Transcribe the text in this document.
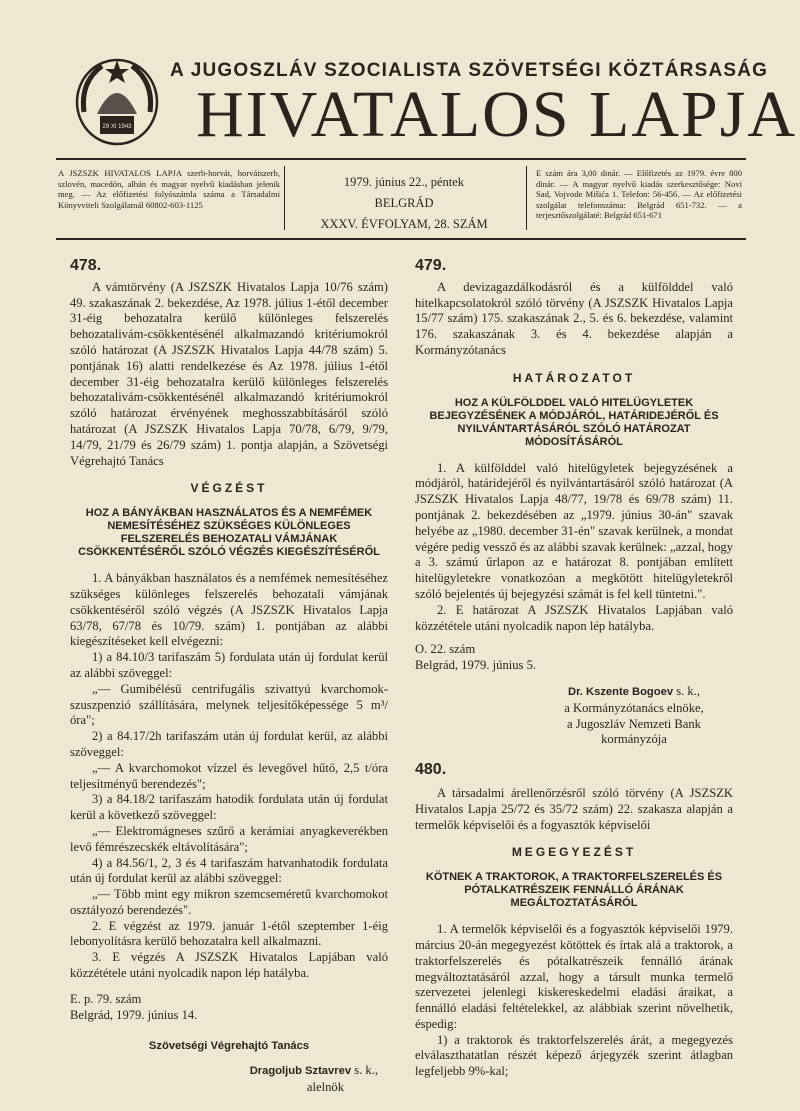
29 XI 1943
A JUGOSZLÁV SZOCIALISTA SZÖVETSÉGI KÖZTÁRSASÁG
HIVATALOS LAPJA
A JSZSZK HIVATALOS LAPJA szerb-horvát, horvátszerb, szlovén, macedón, albán és magyar nyelvű kiadásban jelenik meg. — Az előfizetési folyószámla száma a Társadalmi Könyvviteli Szolgálatnál 60802-603-1125
1979. június 22., péntek
BELGRÁD
XXXV. ÉVFOLYAM, 28. SZÁM
E szám ára 3,00 dinár. — Előfizetés az 1979. évre 800 dinár. — A magyar nyelvű kiadás szerkesztősége: Novi Sad, Vojvode Mišića 1. Telefon: 56-456. — Az előfizetési szolgálat telefonszáma: Belgrád 651-732. — a terjesztőszolgálaté: Belgrád 651-671
478.

A vámtörvény (A JSZSZK Hivatalos Lapja 10/76 szám) 49. szakaszának 2. bekezdése, Az 1978. július 1-étől december 31-éig behozatalra kerülő különleges felszerelés behozatalivám-csökkentésénél alkalmazandó kritériumokról szóló határozat (A JSZSZK Hivatalos Lapja 44/78 szám) 5. pontjának 16) alatti rendelkezése és Az 1978. július 1-étől december 31-éig behozatalra kerülő különleges felszerelés behozatalivám-csökkentésénél alkalmazandó kritériumokról szóló határozat érvényének meghosszabbításáról szóló határozat (A JSZSZK Hivatalos Lapja 70/78, 6/79, 9/79, 14/79, 21/79 és 26/79 szám) 1. pontja alapján, a Szövetségi Végrehajtó Tanács

VÉGZÉST
HOZ A BÁNYÁKBAN HASZNÁLATOS ÉS A NEMFÉMEK NEMESÍTÉSÉHEZ SZÜKSÉGES KÜLÖNLEGES FELSZERELÉS BEHOZATALI VÁMJÁNAK CSÖKKENTÉSÉRŐL SZÓLÓ VÉGZÉS KIEGÉSZÍTÉSÉRŐL

1. A bányákban használatos és a nemfémek nemesítéséhez szükséges különleges felszerelés behozatali vámjának csökkentéséről szóló végzés (A JSZSZK Hivatalos Lapja 63/78, 67/78 és 10/79. szám) 1. pontjában az alábbi kiegészítéseket kell elvégezni:

1) a 84.10/3 tarifaszám 5) fordulata után új fordulat kerül az alábbi szöveggel:

„— Gumibélésű centrifugális szivattyú kvarchomok-szuszpenzió szállítására, melynek teljesítőképessége 5 m³/óra";

2) a 84.17/2h tarifaszám után új fordulat kerül, az alábbi szöveggel:

„— A kvarchomokot vízzel és levegővel hűtő, 2,5 t/óra teljesítményű berendezés";

3) a 84.18/2 tarifaszám hatodik fordulata után új fordulat kerül a következő szöveggel:

„— Elektromágneses szűrő a kerámiai anyagkeverékben levő fémrészecskék eltávolítására";

4) a 84.56/1, 2, 3 és 4 tarifaszám hatvanhatodik fordulata után új fordulat kerül az alábbi szöveggel:

„— Több mint egy mikron szemcseméretű kvarchomokot osztályozó berendezés".

2. E végzést az 1979. január 1-étől szeptember 1-éig lebonyolításra kerülő behozatalra kell alkalmazni.

3. E végzés A JSZSZK Hivatalos Lapjában való közzététele utáni nyolcadik napon lép hatályba.

E. p. 79. szám

Belgrád, 1979. június 14.

Szövetségi Végrehajtó Tanács
Dragoljub Sztavrev s. k.,
alelnök
479.

A devizagazdálkodásról és a külfölddel való hitelkapcsolatokról szóló törvény (A JSZSZK Hivatalos Lapja 15/77 szám) 175. szakaszának 2., 5. és 6. bekezdése, valamint 176. szakaszának 3. és 4. bekezdése alapján a Kormányzótanács

HATÁROZATOT
HOZ A KÜLFÖLDDEL VALÓ HITELÜGYLETEK BEJEGYZÉSÉNEK A MÓDJÁRÓL, HATÁRIDEJÉRŐL ÉS NYILVÁNTARTÁSÁRÓL SZÓLÓ HATÁROZAT MÓDOSÍTÁSÁRÓL

1. A külfölddel való hitelügyletek bejegyzésének a módjáról, határidejéről és nyilvántartásáról szóló határozat (A JSZSZK Hivatalos Lapja 48/77, 19/78 és 69/78 szám) 11. pontjának 2. bekezdésében az „1979. június 30-án" szavak helyébe az „1980. december 31-én" szavak kerülnek, a mondat végére pedig vessző és az alábbi szavak kerülnek: „azzal, hogy a 3. számú űrlapon az e határozat 8. pontjában említett hitelügyletekre vonatkozóan a megkötött hitelügyletekről szóló bejelentés új bejegyzési számát is fel kell tüntetni.".

2. E határozat A JSZSZK Hivatalos Lapjában való közzététele utáni nyolcadik napon lép hatályba.

O. 22. szám

Belgrád, 1979. június 5.

Dr. Kszente Bogoev s. k.,
a Kormányzótanács elnöke,
a Jugoszláv Nemzeti Bank
kormányzója
480.

A társadalmi árellenőrzésről szóló törvény (A JSZSZK Hivatalos Lapja 25/72 és 35/72 szám) 22. szakasza alapján a termelők képviselői és a fogyasztók képviselői

MEGEGYEZÉST
KÖTNEK A TRAKTOROK, A TRAKTORFELSZERELÉS ÉS PÓTALKATRÉSZEIK FENNÁLLÓ ÁRÁNAK MEGÁLTOZTATÁSÁRÓL

1. A termelők képviselői és a fogyasztók képviselői 1979. március 20-án megegyezést kötöttek és írtak alá a traktorok, a traktorfelszerelés és pótalkatrészeik fennálló árának megváltoztatásáról azzal, hogy a társult munka termelő szervezetei jelenlegi kiskereskedelmi eladási áraikat, a fennálló eladási feltételekkel, az alábbiak szerint növelhetik, éspedig:

1) a traktorok és traktorfelszerelés árát, a megegyezés elválaszthatatlan részét képező árjegyzék szerint átlagban legfeljebb 9%-kal;
